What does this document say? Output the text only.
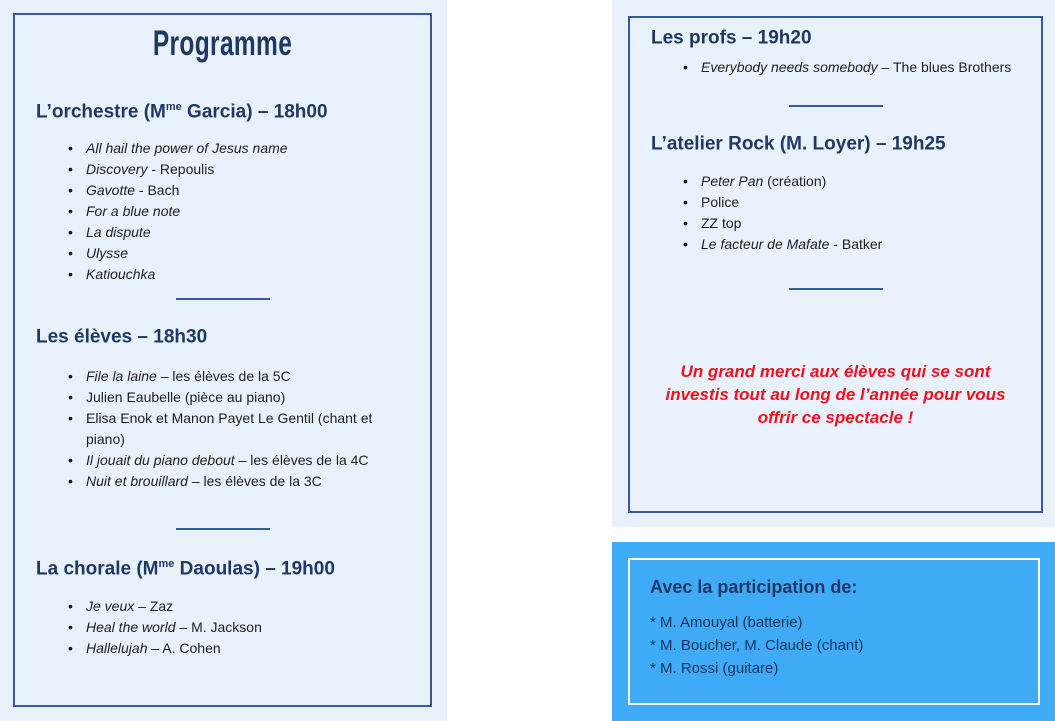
Programme
L’orchestre ($M^{me}$ Garcia) – 18h00
• All hail the power of Jesus name
• Discovery - Repoulis
• Gavotte - Bach
• For a blue note
• La dispute
• Ulysse
• Katiouchka
Les élèves – 18h30
• File la laine – les élèves de la 5C
• Julien Eaubelle (pièce au piano)
• Elisa Enok et Manon Payet Le Gentil (chant et piano)
• Il jouait du piano debout – les élèves de la 4C
• Nuit et brouillard – les élèves de la 3C
La chorale ($M^{me}$ Daoulas) – 19h00
• Je veux – Zaz
• Heal the world – M. Jackson
• Hallelujah – A. Cohen
Les profs – 19h20
• Everybody needs somebody – The blues Brothers
L’atelier Rock (M. Loyer) – 19h25
• Peter Pan (création)
• Police
• ZZ top
• Le facteur de Mafate - Batker

Un grand merci aux élèves qui se sont investis tout au long de l’année pour vous offrir ce spectacle !

Avec la participation de:
* M. Amouyal (batterie)
* M. Boucher, M. Claude (chant)
* M. Rossi (guitare)
